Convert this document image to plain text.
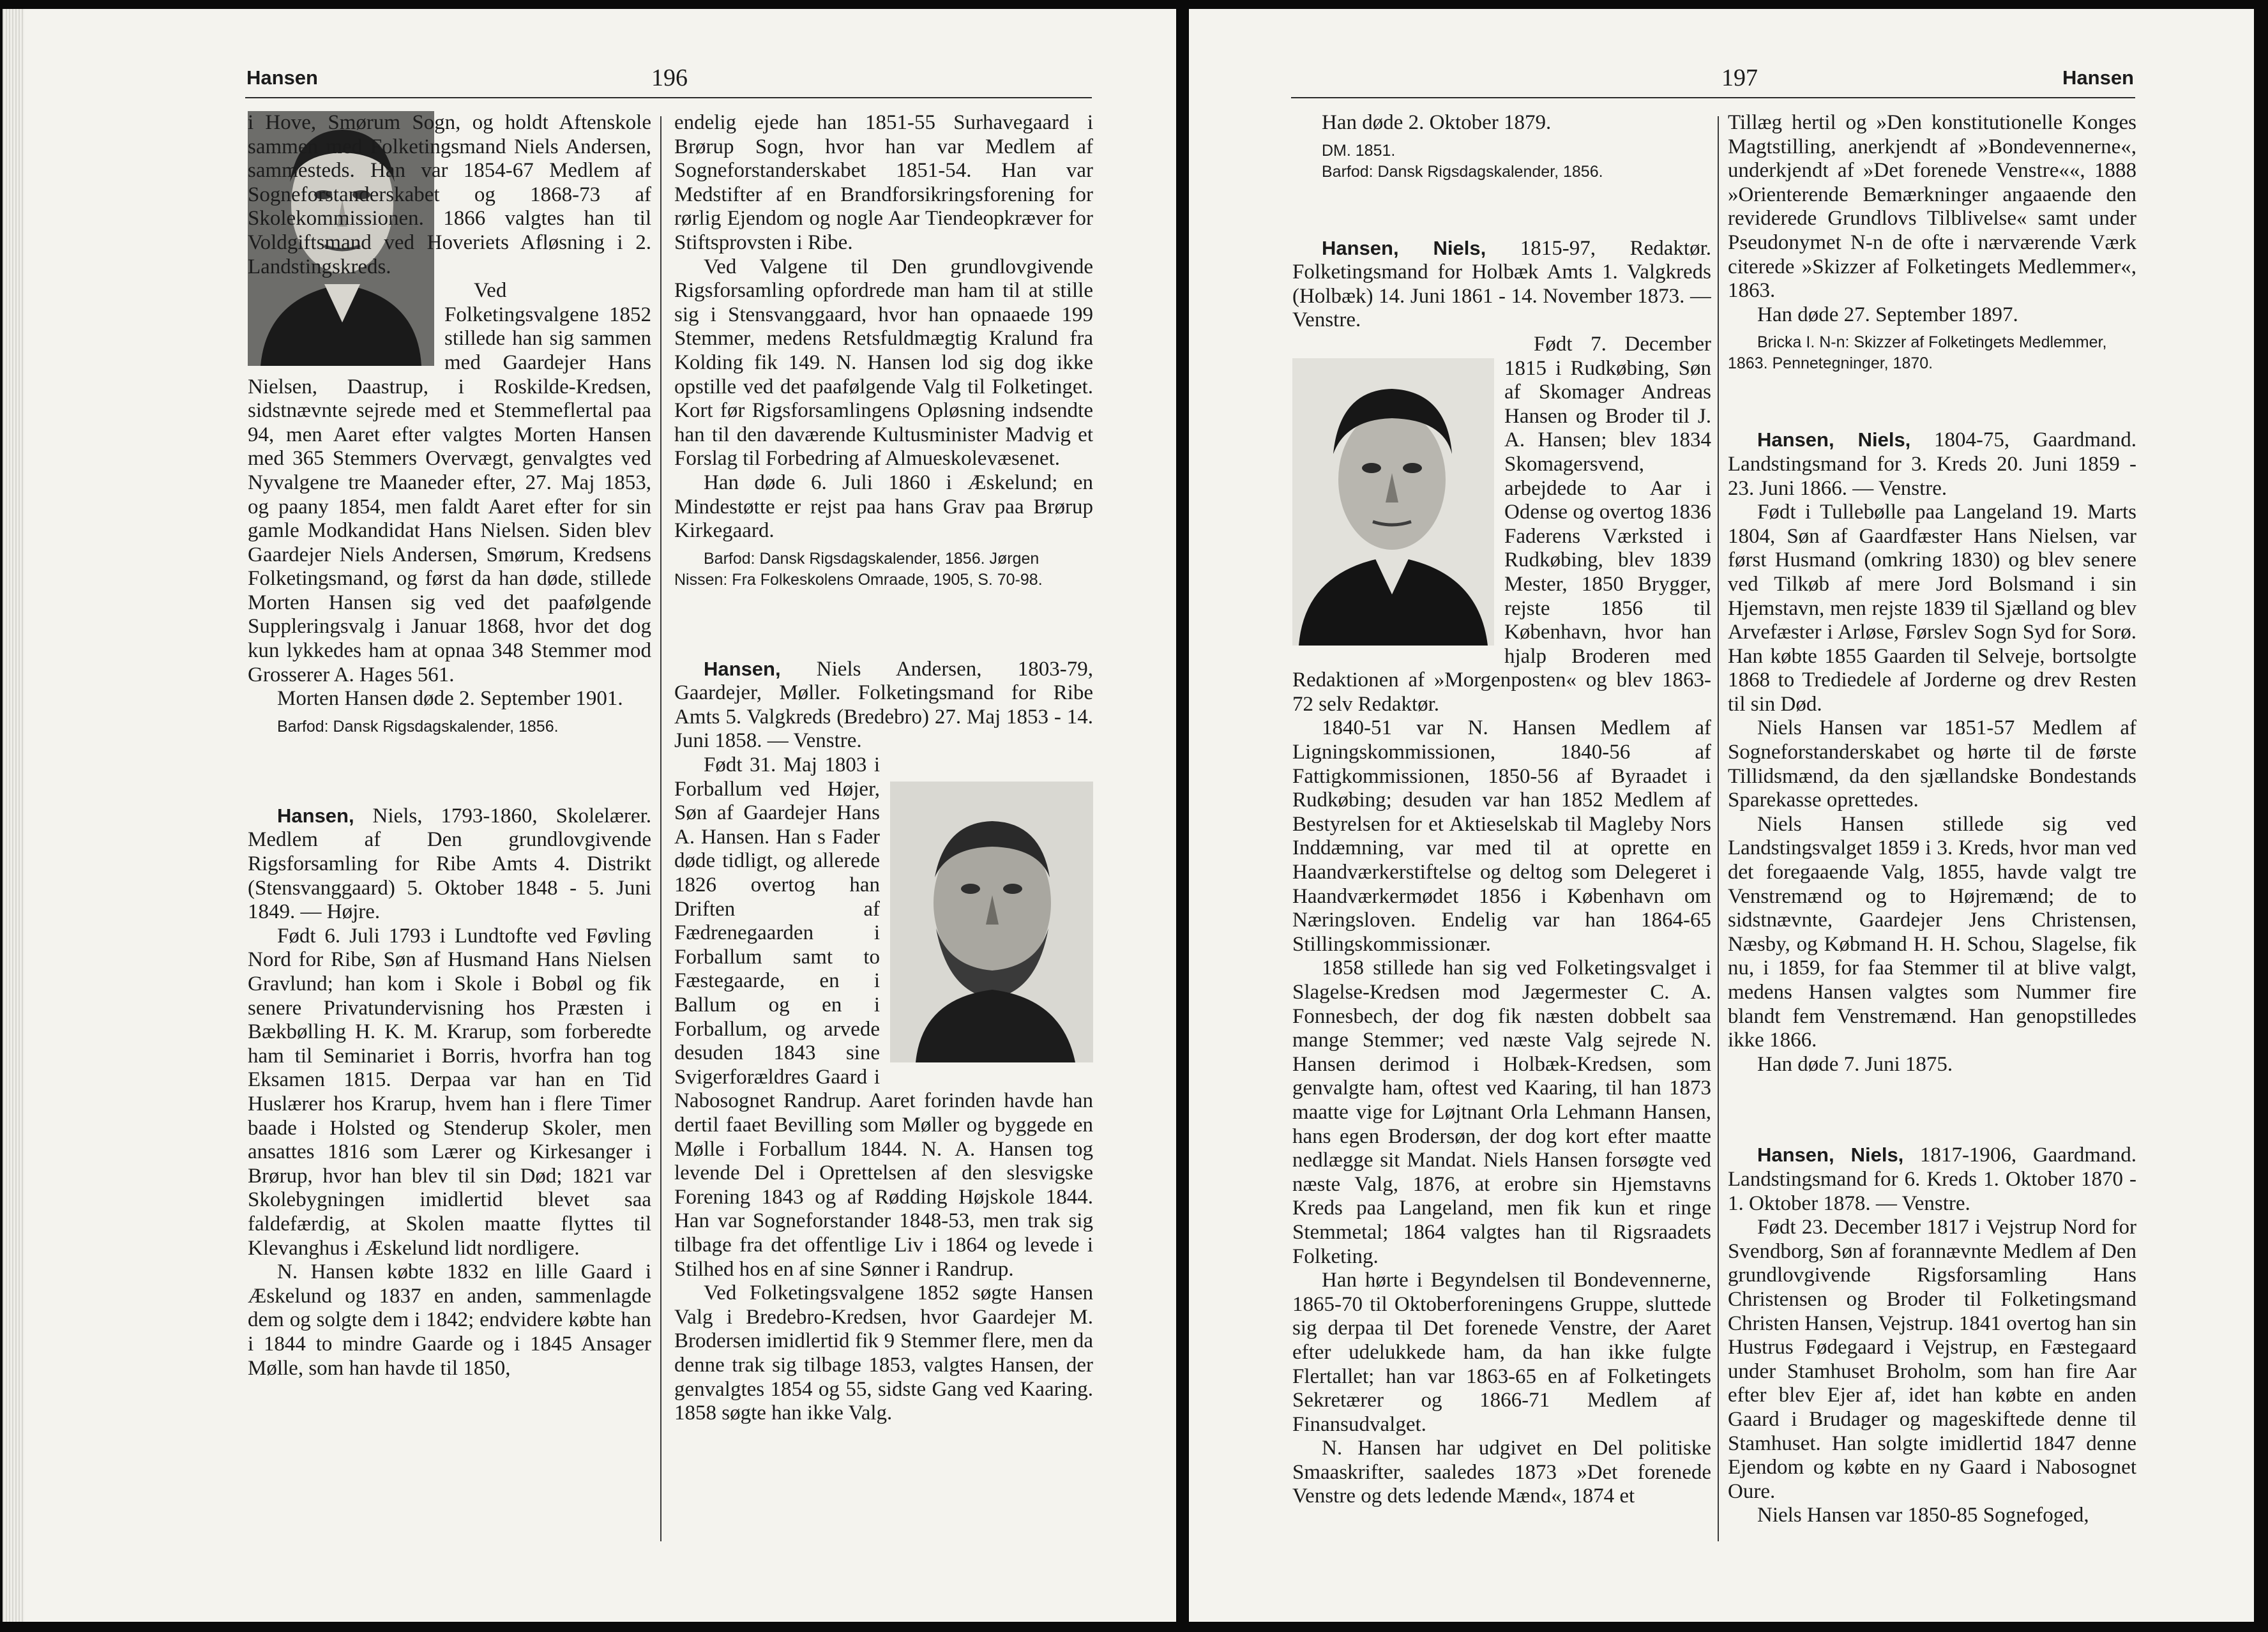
Hansen	196

i Hove, Smørum Sogn, og holdt Aftenskole sammen med Folketingsmand Niels Andersen, sammesteds. Han var 1854-67 Medlem af Sogneforstanderskabet og 1868-73 af Skolekommissionen. 1866 valgtes han til Voldgiftsmand ved Hoveriets Afløsning i 2. Landstingskreds.

Ved Folketingsvalgene 1852 stillede han sig sammen med Gaardejer Hans Nielsen, Daastrup, i Roskilde-Kredsen, sidstnævnte sejrede med et Stemmeflertal paa 94, men Aaret efter valgtes Morten Hansen med 365 Stemmers Overvægt, genvalgtes ved Nyvalgene tre Maaneder efter, 27. Maj 1853, og paany 1854, men faldt Aaret efter for sin gamle Modkandidat Hans Nielsen. Siden blev Gaardejer Niels Andersen, Smørum, Kredsens Folketingsmand, og først da han døde, stillede Morten Hansen sig ved det paafølgende Suppleringsvalg i Januar 1868, hvor det dog kun lykkedes ham at opnaa 348 Stemmer mod Grosserer A. Hages 561.

Morten Hansen døde 2. September 1901.

Barfod: Dansk Rigsdagskalender, 1856.

Hansen, Niels, 1793-1860, Skolelærer. Medlem af Den grundlovgivende Rigsforsamling for Ribe Amts 4. Distrikt (Stensvanggaard) 5. Oktober 1848 - 5. Juni 1849. — Højre.

Født 6. Juli 1793 i Lundtofte ved Føvling Nord for Ribe, Søn af Husmand Hans Nielsen Gravlund; han kom i Skole i Bobøl og fik senere Privatundervisning hos Præsten i Bækbølling H. K. M. Krarup, som forberedte ham til Seminariet i Borris, hvorfra han tog Eksamen 1815. Derpaa var han en Tid Huslærer hos Krarup, hvem han i flere Timer baade i Holsted og Stenderup Skoler, men ansattes 1816 som Lærer og Kirkesanger i Brørup, hvor han blev til sin Død; 1821 var Skolebygningen imidlertid blevet saa faldefærdig, at Skolen maatte flyttes til Klevanghus i Æskelund lidt nordligere.

N. Hansen købte 1832 en lille Gaard i Æskelund og 1837 en anden, sammenlagde dem og solgte dem i 1842; endvidere købte han i 1844 to mindre Gaarde og i 1845 Ansager Mølle, som han havde til 1850,

endelig ejede han 1851-55 Surhavegaard i Brørup Sogn, hvor han var Medlem af Sogneforstanderskabet 1851-54. Han var Medstifter af en Brandforsikringsforening for rørlig Ejendom og nogle Aar Tiendeopkræver for Stiftsprovsten i Ribe.

Ved Valgene til Den grundlovgivende Rigsforsamling opfordrede man ham til at stille sig i Stensvanggaard, hvor han opnaaede 199 Stemmer, medens Retsfuldmægtig Kralund fra Kolding fik 149. N. Hansen lod sig dog ikke opstille ved det paafølgende Valg til Folketinget. Kort før Rigsforsamlingens Opløsning indsendte han til den daværende Kultusminister Madvig et Forslag til Forbedring af Almueskolevæsenet.

Han døde 6. Juli 1860 i Æskelund; en Mindestøtte er rejst paa hans Grav paa Brørup Kirkegaard.

Barfod: Dansk Rigsdagskalender, 1856. Jørgen Nissen: Fra Folkeskolens Omraade, 1905, S. 70-98.

Hansen, Niels Andersen, 1803-79, Gaardejer, Møller. Folketingsmand for Ribe Amts 5. Valgkreds (Bredebro) 27. Maj 1853 - 14. Juni 1858. — Venstre.

Født 31. Maj 1803 i Forballum ved Højer, Søn af Gaardejer Hans A. Hansen. Han s Fader døde tidligt, og allerede 1826 overtog han Driften af Fædrenegaarden i Forballum samt to Fæstegaarde, en i Ballum og en i Forballum, og arvede desuden 1843 sine Svigerforældres Gaard i Nabosognet Randrup. Aaret forinden havde han dertil faaet Bevilling som Møller og byggede en Mølle i Forballum 1844. N. A. Hansen tog levende Del i Oprettelsen af den slesvigske Forening 1843 og af Rødding Højskole 1844. Han var Sogneforstander 1848-53, men trak sig tilbage fra det offentlige Liv i 1864 og levede i Stilhed hos en af sine Sønner i Randrup.

Ved Folketingsvalgene 1852 søgte Hansen Valg i Bredebro-Kredsen, hvor Gaardejer M. Brodersen imidlertid fik 9 Stemmer flere, men da denne trak sig tilbage 1853, valgtes Hansen, der genvalgtes 1854 og 55, sidste Gang ved Kaaring. 1858 søgte han ikke Valg.

197	Hansen

Han døde 2. Oktober 1879.

DM. 1851.

Barfod: Dansk Rigsdagskalender, 1856.

Hansen, Niels, 1815-97, Redaktør. Folketingsmand for Holbæk Amts 1. Valgkreds (Holbæk) 14. Juni 1861 - 14. November 1873. — Venstre.

Født 7. December 1815 i Rudkøbing, Søn af Skomager Andreas Hansen og Broder til J. A. Hansen; blev 1834 Skomagersvend, arbejdede to Aar i Odense og overtog 1836 Faderens Værksted i Rudkøbing, blev 1839 Mester, 1850 Brygger, rejste 1856 til København, hvor han hjalp Broderen med Redaktionen af »Morgenposten« og blev 1863-72 selv Redaktør.

1840-51 var N. Hansen Medlem af Ligningskommissionen, 1840-56 af Fattigkommissionen, 1850-56 af Byraadet i Rudkøbing; desuden var han 1852 Medlem af Bestyrelsen for et Aktieselskab til Magleby Nors Inddæmning, var med til at oprette en Haandværkerstiftelse og deltog som Delegeret i Haandværkermødet 1856 i København om Næringsloven. Endelig var han 1864-65 Stillingskommissionær.

1858 stillede han sig ved Folketingsvalget i Slagelse-Kredsen mod Jægermester C. A. Fonnesbech, der dog fik næsten dobbelt saa mange Stemmer; ved næste Valg sejrede N. Hansen derimod i Holbæk-Kredsen, som genvalgte ham, oftest ved Kaaring, til han 1873 maatte vige for Løjtnant Orla Lehmann Hansen, hans egen Brodersøn, der dog kort efter maatte nedlægge sit Mandat. Niels Hansen forsøgte ved næste Valg, 1876, at erobre sin Hjemstavns Kreds paa Langeland, men fik kun et ringe Stemmetal; 1864 valgtes han til Rigsraadets Folketing.

Han hørte i Begyndelsen til Bondevennerne, 1865-70 til Oktoberforeningens Gruppe, sluttede sig derpaa til Det forenede Venstre, der Aaret efter udelukkede ham, da han ikke fulgte Flertallet; han var 1863-65 en af Folketingets Sekretærer og 1866-71 Medlem af Finansudvalget.

N. Hansen har udgivet en Del politiske Smaaskrifter, saaledes 1873 »Det forenede Venstre og dets ledende Mænd«, 1874 et

Tillæg hertil og »Den konstitutionelle Konges Magtstilling, anerkjendt af »Bondevennerne«, underkjendt af »Det forenede Venstre««, 1888 »Orienterende Bemærkninger angaaende den reviderede Grundlovs Tilblivelse« samt under Pseudonymet N-n de ofte i nærværende Værk citerede »Skizzer af Folketingets Medlemmer«, 1863.

Han døde 27. September 1897.

Bricka I. N-n: Skizzer af Folketingets Medlemmer, 1863. Pennetegninger, 1870.

Hansen, Niels, 1804-75, Gaardmand. Landstingsmand for 3. Kreds 20. Juni 1859 - 23. Juni 1866. — Venstre.

Født i Tullebølle paa Langeland 19. Marts 1804, Søn af Gaardfæster Hans Nielsen, var først Husmand (omkring 1830) og blev senere ved Tilkøb af mere Jord Bolsmand i sin Hjemstavn, men rejste 1839 til Sjælland og blev Arvefæster i Arløse, Førslev Sogn Syd for Sorø. Han købte 1855 Gaarden til Selveje, bortsolgte 1868 to Trediedele af Jorderne og drev Resten til sin Død.

Niels Hansen var 1851-57 Medlem af Sogneforstanderskabet og hørte til de første Tillidsmænd, da den sjællandske Bondestands Sparekasse oprettedes.

Niels Hansen stillede sig ved Landstingsvalget 1859 i 3. Kreds, hvor man ved det foregaaende Valg, 1855, havde valgt tre Venstremænd og to Højremænd; de to sidstnævnte, Gaardejer Jens Christensen, Næsby, og Købmand H. H. Schou, Slagelse, fik nu, i 1859, for faa Stemmer til at blive valgt, medens Hansen valgtes som Nummer fire blandt fem Venstremænd. Han genopstilledes ikke 1866.

Han døde 7. Juni 1875.

Hansen, Niels, 1817-1906, Gaardmand. Landstingsmand for 6. Kreds 1. Oktober 1870 - 1. Oktober 1878. — Venstre.

Født 23. December 1817 i Vejstrup Nord for Svendborg, Søn af forannævnte Medlem af Den grundlovgivende Rigsforsamling Hans Christensen og Broder til Folketingsmand Christen Hansen, Vejstrup. 1841 overtog han sin Hustrus Fødegaard i Vejstrup, en Fæstegaard under Stamhuset Broholm, som han fire Aar efter blev Ejer af, idet han købte en anden Gaard i Brudager og mageskiftede denne til Stamhuset. Han solgte imidlertid 1847 denne Ejendom og købte en ny Gaard i Nabosognet Oure.

Niels Hansen var 1850-85 Sognefoged,
